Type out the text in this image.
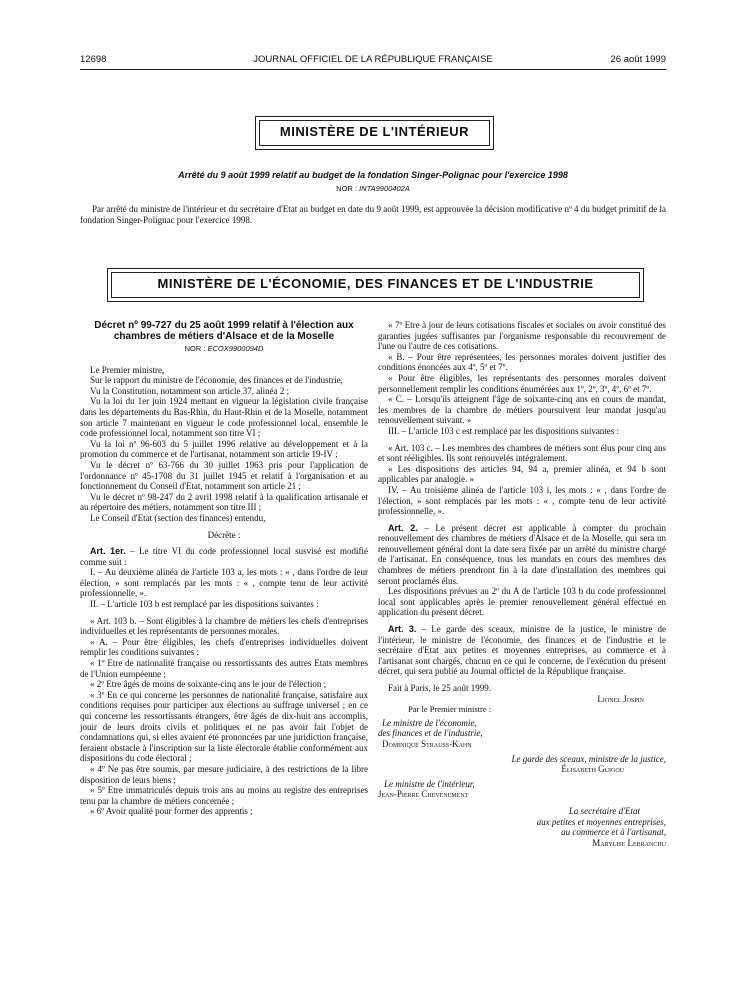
12698	JOURNAL OFFICIEL DE LA RÉPUBLIQUE FRANÇAISE	26 août 1999
MINISTÈRE DE L'INTÉRIEUR
Arrêté du 9 août 1999 relatif au budget de la fondation Singer-Polignac pour l'exercice 1998
NOR : INTA9900402A

Par arrêté du ministre de l'intérieur et du secrétaire d'Etat au budget en date du 9 août 1999, est approuvée la décision modificative nº 4 du budget primitif de la fondation Singer-Polignac pour l'exercice 1998.

MINISTÈRE DE L'ÉCONOMIE, DES FINANCES ET DE L'INDUSTRIE

Décret nº 99-727 du 25 août 1999 relatif à l'élection aux chambres de métiers d'Alsace et de la Moselle

NOR : ECOX9900094D

Le Premier ministre,

Sur le rapport du ministre de l'économie, des finances et de l'industrie,

Vu la Constitution, notamment son article 37, alinéa 2 ;

Vu la loi du 1er juin 1924 mettant en vigueur la législation civile française dans les départements du Bas-Rhin, du Haut-Rhin et de la Moselle, notamment son article 7 maintenant en vigueur le code professionnel local, ensemble le code professionnel local, notamment son titre VI ;

Vu la loi nº 96-603 du 5 juillet 1996 relative au développement et à la promotion du commerce et de l'artisanat, notamment son article 19-IV ;

Vu le décret nº 63-766 du 30 juillet 1963 pris pour l'application de l'ordonnance nº 45-1708 du 31 juillet 1945 et relatif à l'organisation et au fonctionnement du Conseil d'Etat, notamment son article 21 ;

Vu le décret nº 98-247 du 2 avril 1998 relatif à la qualification artisanale et au répertoire des métiers, notamment son titre III ;

Le Conseil d'Etat (section des finances) entendu,

Décrète :

Art. 1er. – Le titre VI du code professionnel local susvisé est modifié comme suit :

I. – Au deuxième alinéa de l'article 103 a, les mots : « , dans l'ordre de leur élection, » sont remplacés par les mots : « , compte tenu de leur activité professionnelle, ».

II. – L'article 103 b est remplacé par les dispositions suivantes :

« Art. 103 b. – Sont éligibles à la chambre de métiers les chefs d'entreprises individuelles et les représentants de personnes morales.

« A. – Pour être éligibles, les chefs d'entreprises individuelles doivent remplir les conditions suivantes :

« 1º Etre de nationalité française ou ressortissants des autres Etats membres de l'Union européenne ;

« 2º Etre âgés de moins de soixante-cinq ans le jour de l'élection ;

« 3º En ce qui concerne les personnes de nationalité française, satisfaire aux conditions requises pour participer aux élections au suffrage universel ; en ce qui concerne les ressortissants étrangers, être âgés de dix-huit ans accomplis, jouir de leurs droits civils et politiques et ne pas avoir fait l'objet de condamnations qui, si elles avaient été prononcées par une juridiction française, feraient obstacle à l'inscription sur la liste électorale établie conformément aux dispositions du code électoral ;

« 4º Ne pas être soumis, par mesure judiciaire, à des restrictions de la libre disposition de leurs biens ;

« 5º Etre immatriculés depuis trois ans au moins au registre des entreprises tenu par la chambre de métiers concernée ;

« 6º Avoir qualité pour former des apprentis ;

« 7º Etre à jour de leurs cotisations fiscales et sociales ou avoir constitué des garanties jugées suffisantes par l'organisme responsable du recouvrement de l'une ou l'autre de ces cotisations.

« B. – Pour être représentées, les personnes morales doivent justifier des conditions énoncées aux 4º, 5º et 7º.

« Pour être éligibles, les représentants des personnes morales doivent personnellement remplir les conditions énumérées aux 1º, 2º, 3º, 4º, 6º et 7º.

« C. – Lorsqu'ils atteignent l'âge de soixante-cinq ans en cours de mandat, les membres de la chambre de métiers poursuivent leur mandat jusqu'au renouvellement suivant. »

III. – L'article 103 c est remplacé par les dispositions suivantes :

« Art. 103 c. – Les membres des chambres de métiers sont élus pour cinq ans et sont rééligibles. Ils sont renouvelés intégralement.

« Les dispositions des articles 94, 94 a, premier alinéa, et 94 b sont applicables par analogie. »

IV. – Au troisième alinéa de l'article 103 i, les mots : « , dans l'ordre de l'élection, » sont remplacés par les mots : « , compte tenu de leur activité professionnelle, ».

Art. 2. – Le présent décret est applicable à compter du prochain renouvellement des chambres de métiers d'Alsace et de la Moselle, qui sera un renouvellement général dont la date sera fixée par un arrêté du ministre chargé de l'artisanat. En conséquence, tous les mandats en cours des membres des chambres de métiers prendront fin à la date d'installation des membres qui seront proclamés élus.

Les dispositions prévues au 2º du A de l'article 103 b du code professionnel local sont applicables après le premier renouvellement général effectué en application du présent décret.

Art. 3. – Le garde des sceaux, ministre de la justice, le ministre de l'intérieur, le ministre de l'économie, des finances et de l'industrie et le secrétaire d'Etat aux petites et moyennes entreprises, au commerce et à l'artisanat sont chargés, chacun en ce qui le concerne, de l'exécution du présent décret, qui sera publié au Journal officiel de la République française.

Fait à Paris, le 25 août 1999.

Lionel Jospin

Par le Premier ministre :

Le ministre de l'économie,

des finances et de l'industrie,

Dominique Strauss-Kahn

Le garde des sceaux, ministre de la justice,

Élisabeth Guigou

Le ministre de l'intérieur,

Jean-Pierre Chevènement

La secrétaire d'Etat

aux petites et moyennes entreprises,

au commerce et à l'artisanat,

Marylise Lebranchu
